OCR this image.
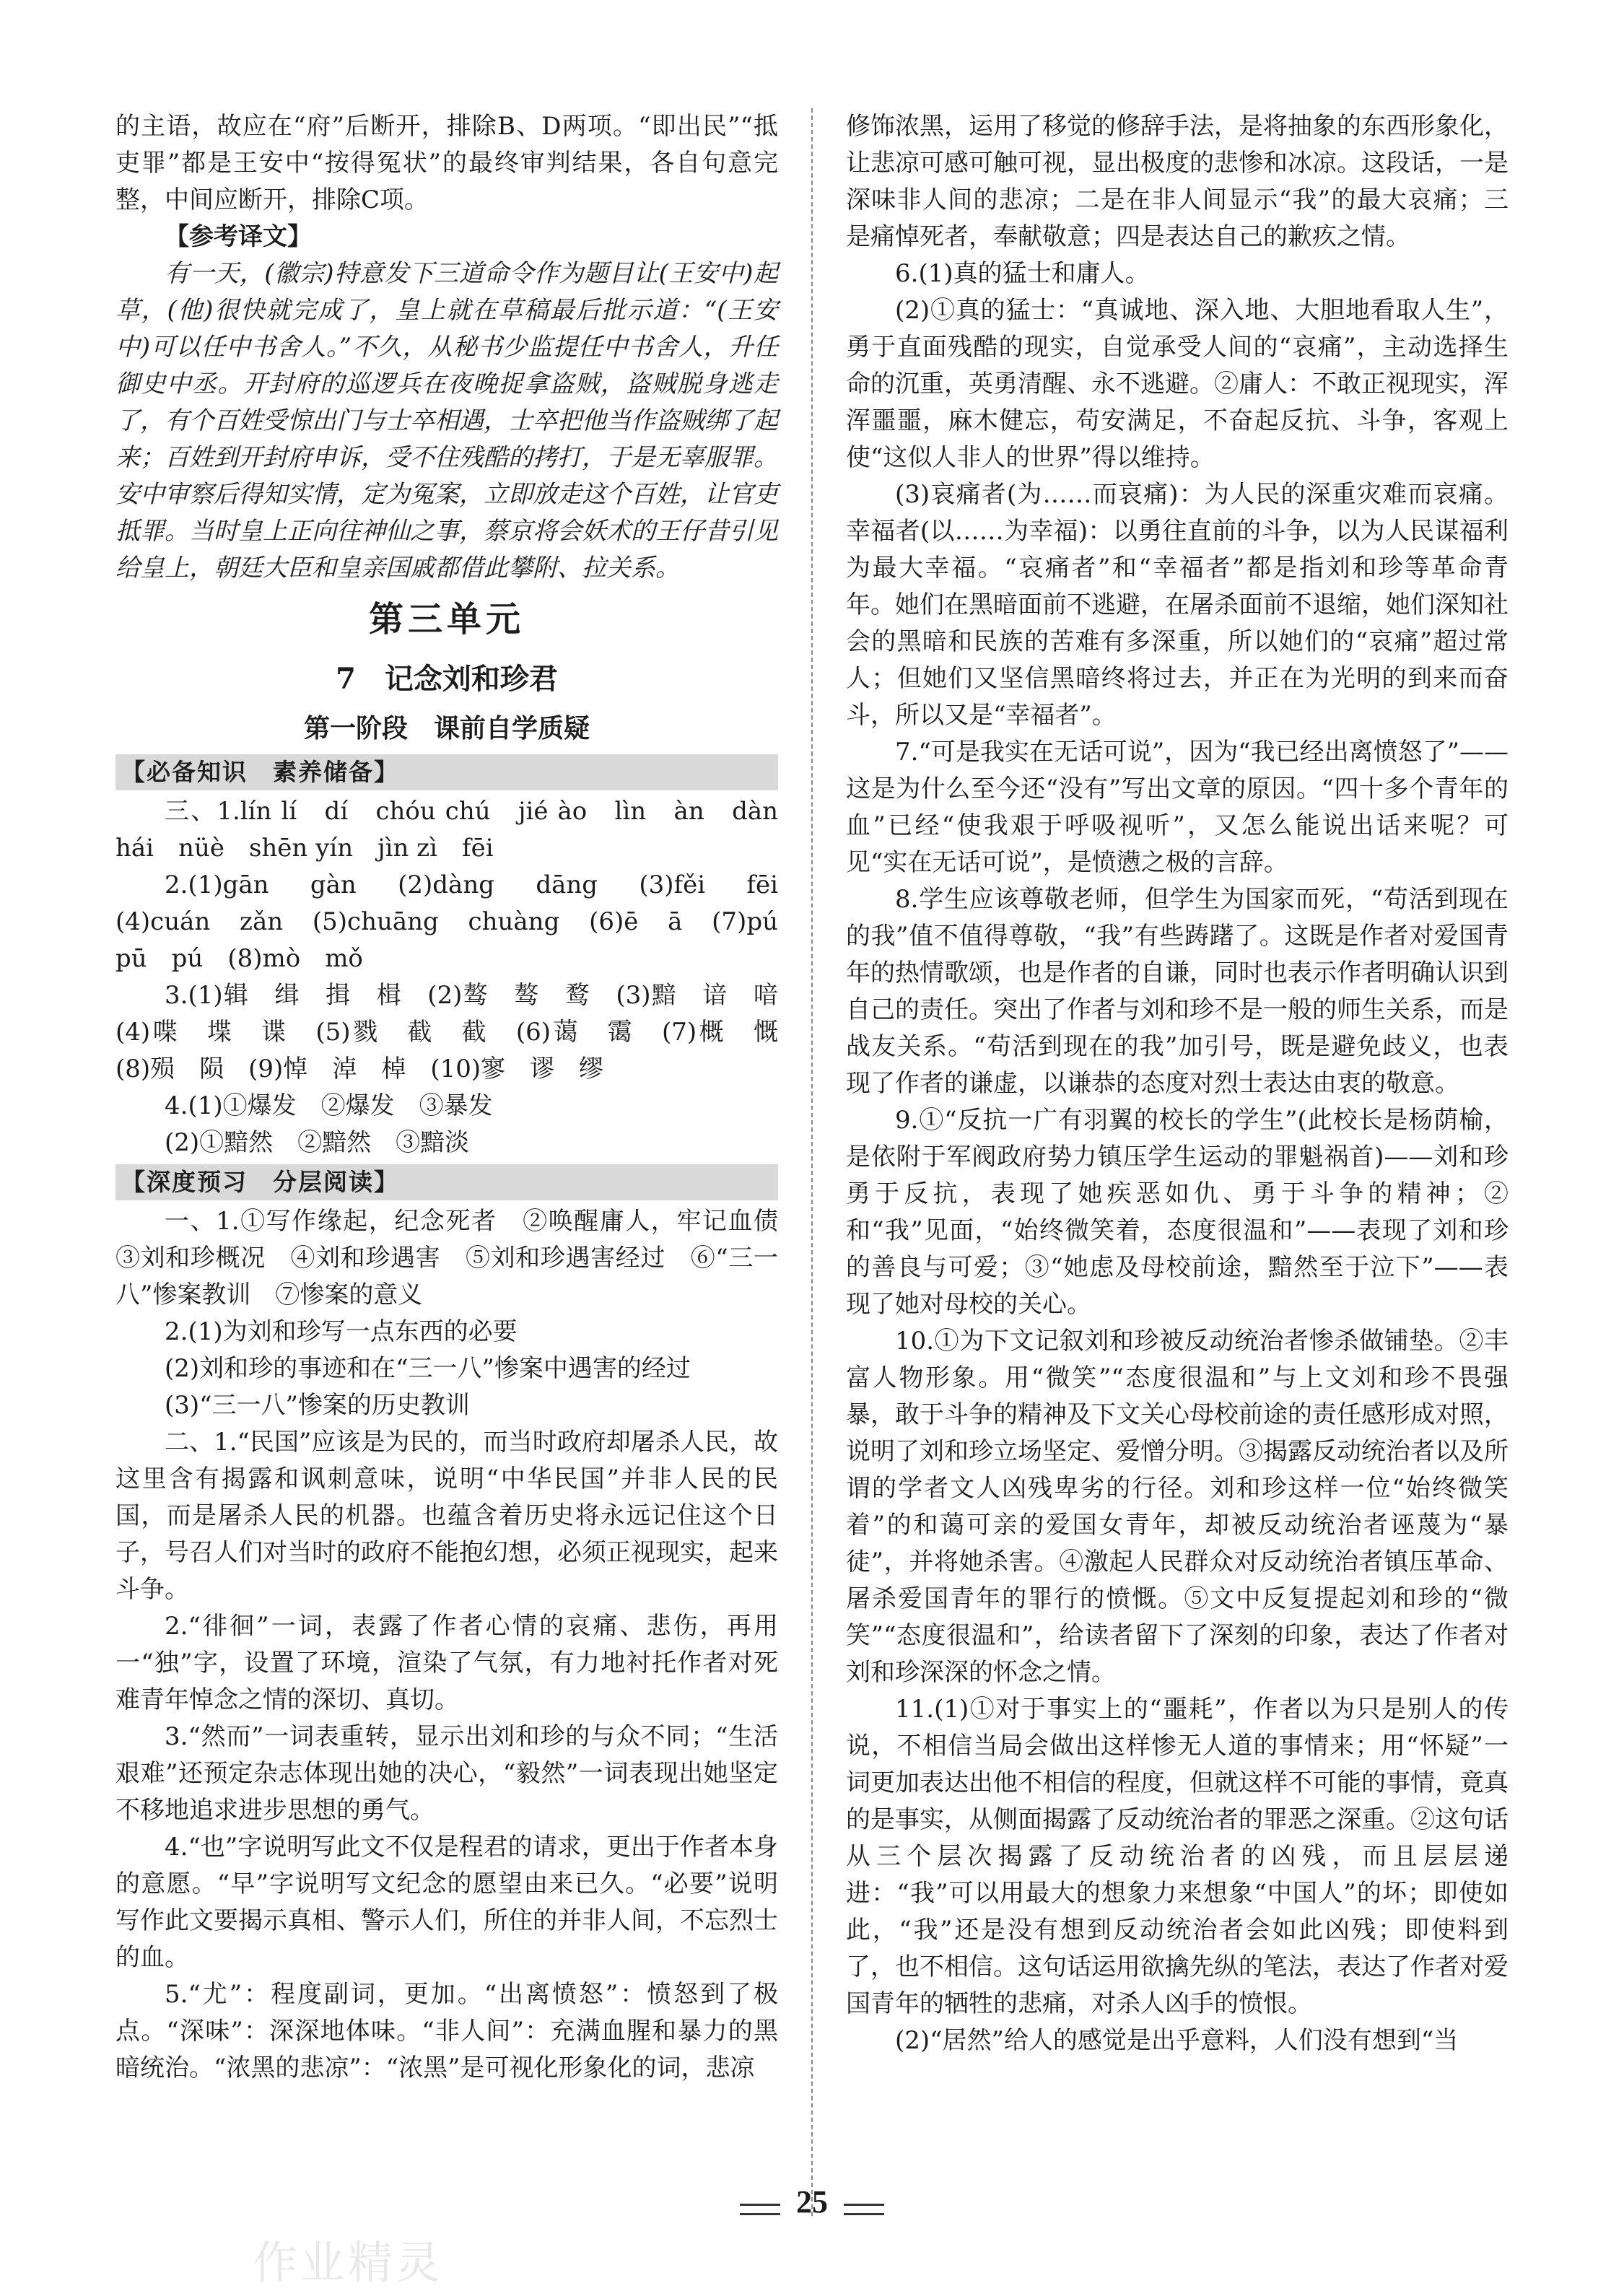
的主语，故应在“府”后断开，排除B、D两项。“即出民”“抵吏罪”都是王安中“按得冤状”的最终审判结果，各自句意完整，中间应断开，排除C项。

【参考译文】

有一天，(徽宗)特意发下三道命令作为题目让(王安中)起草，(他)很快就完成了，皇上就在草稿最后批示道：“(王安中)可以任中书舍人。”不久，从秘书少监提任中书舍人，升任御史中丞。开封府的巡逻兵在夜晚捉拿盗贼，盗贼脱身逃走了，有个百姓受惊出门与士卒相遇，士卒把他当作盗贼绑了起来；百姓到开封府申诉，受不住残酷的拷打，于是无辜服罪。安中审察后得知实情，定为冤案，立即放走这个百姓，让官吏抵罪。当时皇上正向往神仙之事，蔡京将会妖术的王仔昔引见给皇上，朝廷大臣和皇亲国戚都借此攀附、拉关系。

第三单元
7　记念刘和珍君
第一阶段　课前自学质疑
【必备知识　素养储备】

三、1.lín lí　dí　chóu chú　jié ào　lìn　àn　dàn　hái　nüè　shēn yín　jìn zì　fēi

2.(1)gān　gàn　(2)dàng　dāng　(3)fěi　fēi　(4)cuán　zǎn　(5)chuāng　chuàng　(6)ē　ā　(7)pú　pū　pú　(8)mò　mǒ

3.(1)辑　缉　揖　楫　(2)骜　骜　鹜　(3)黯　谙　喑　(4)喋　堞　谍　(5)戮　截　截　(6)蔼　霭　(7)概　慨　(8)殒　陨　(9)悼　淖　棹　(10)寥　谬　缪

4.(1)①爆发　②爆发　③暴发

(2)①黯然　②黯然　③黯淡

【深度预习　分层阅读】

一、1.①写作缘起，纪念死者　②唤醒庸人，牢记血债　③刘和珍概况　④刘和珍遇害　⑤刘和珍遇害经过　⑥“三一八”惨案教训　⑦惨案的意义

2.(1)为刘和珍写一点东西的必要

(2)刘和珍的事迹和在“三一八”惨案中遇害的经过

(3)“三一八”惨案的历史教训

二、1.“民国”应该是为民的，而当时政府却屠杀人民，故这里含有揭露和讽刺意味，说明“中华民国”并非人民的民国，而是屠杀人民的机器。也蕴含着历史将永远记住这个日子，号召人们对当时的政府不能抱幻想，必须正视现实，起来斗争。

2.“徘徊”一词，表露了作者心情的哀痛、悲伤，再用一“独”字，设置了环境，渲染了气氛，有力地衬托作者对死难青年悼念之情的深切、真切。

3.“然而”一词表重转，显示出刘和珍的与众不同；“生活艰难”还预定杂志体现出她的决心，“毅然”一词表现出她坚定不移地追求进步思想的勇气。

4.“也”字说明写此文不仅是程君的请求，更出于作者本身的意愿。“早”字说明写文纪念的愿望由来已久。“必要”说明写作此文要揭示真相、警示人们，所住的并非人间，不忘烈士的血。

5.“尤”：程度副词，更加。“出离愤怒”：愤怒到了极点。“深味”：深深地体味。“非人间”：充满血腥和暴力的黑暗统治。“浓黑的悲凉”：“浓黑”是可视化形象化的词，悲凉

修饰浓黑，运用了移觉的修辞手法，是将抽象的东西形象化，让悲凉可感可触可视，显出极度的悲惨和冰凉。这段话，一是深味非人间的悲凉；二是在非人间显示“我”的最大哀痛；三是痛悼死者，奉献敬意；四是表达自己的歉疚之情。

6.(1)真的猛士和庸人。

(2)①真的猛士：“真诚地、深入地、大胆地看取人生”，勇于直面残酷的现实，自觉承受人间的“哀痛”，主动选择生命的沉重，英勇清醒、永不逃避。②庸人：不敢正视现实，浑浑噩噩，麻木健忘，苟安满足，不奋起反抗、斗争，客观上使“这似人非人的世界”得以维持。

(3)哀痛者(为……而哀痛)：为人民的深重灾难而哀痛。幸福者(以……为幸福)：以勇往直前的斗争，以为人民谋福利为最大幸福。“哀痛者”和“幸福者”都是指刘和珍等革命青年。她们在黑暗面前不逃避，在屠杀面前不退缩，她们深知社会的黑暗和民族的苦难有多深重，所以她们的“哀痛”超过常人；但她们又坚信黑暗终将过去，并正在为光明的到来而奋斗，所以又是“幸福者”。

7.“可是我实在无话可说”，因为“我已经出离愤怒了”——这是为什么至今还“没有”写出文章的原因。“四十多个青年的血”已经“使我艰于呼吸视听”，又怎么能说出话来呢？可见“实在无话可说”，是愤懑之极的言辞。

8.学生应该尊敬老师，但学生为国家而死，“苟活到现在的我”值不值得尊敬，“我”有些踌躇了。这既是作者对爱国青年的热情歌颂，也是作者的自谦，同时也表示作者明确认识到自己的责任。突出了作者与刘和珍不是一般的师生关系，而是战友关系。“苟活到现在的我”加引号，既是避免歧义，也表现了作者的谦虚，以谦恭的态度对烈士表达由衷的敬意。

9.①“反抗一广有羽翼的校长的学生”(此校长是杨荫榆，是依附于军阀政府势力镇压学生运动的罪魁祸首)——刘和珍勇于反抗，表现了她疾恶如仇、勇于斗争的精神；②和“我”见面，“始终微笑着，态度很温和”——表现了刘和珍的善良与可爱；③“她虑及母校前途，黯然至于泣下”——表现了她对母校的关心。

10.①为下文记叙刘和珍被反动统治者惨杀做铺垫。②丰富人物形象。用“微笑”“态度很温和”与上文刘和珍不畏强暴，敢于斗争的精神及下文关心母校前途的责任感形成对照，说明了刘和珍立场坚定、爱憎分明。③揭露反动统治者以及所谓的学者文人凶残卑劣的行径。刘和珍这样一位“始终微笑着”的和蔼可亲的爱国女青年，却被反动统治者诬蔑为“暴徒”，并将她杀害。④激起人民群众对反动统治者镇压革命、屠杀爱国青年的罪行的愤慨。⑤文中反复提起刘和珍的“微笑”“态度很温和”，给读者留下了深刻的印象，表达了作者对刘和珍深深的怀念之情。

11.(1)①对于事实上的“噩耗”，作者以为只是别人的传说，不相信当局会做出这样惨无人道的事情来；用“怀疑”一词更加表达出他不相信的程度，但就这样不可能的事情，竟真的是事实，从侧面揭露了反动统治者的罪恶之深重。②这句话从三个层次揭露了反动统治者的凶残，而且层层递进：“我”可以用最大的想象力来想象“中国人”的坏；即使如此，“我”还是没有想到反动统治者会如此凶残；即使料到了，也不相信。这句话运用欲擒先纵的笔法，表达了作者对爱国青年的牺牲的悲痛，对杀人凶手的愤恨。

(2)“居然”给人的感觉是出乎意料，人们没有想到“当

25
作业精灵
